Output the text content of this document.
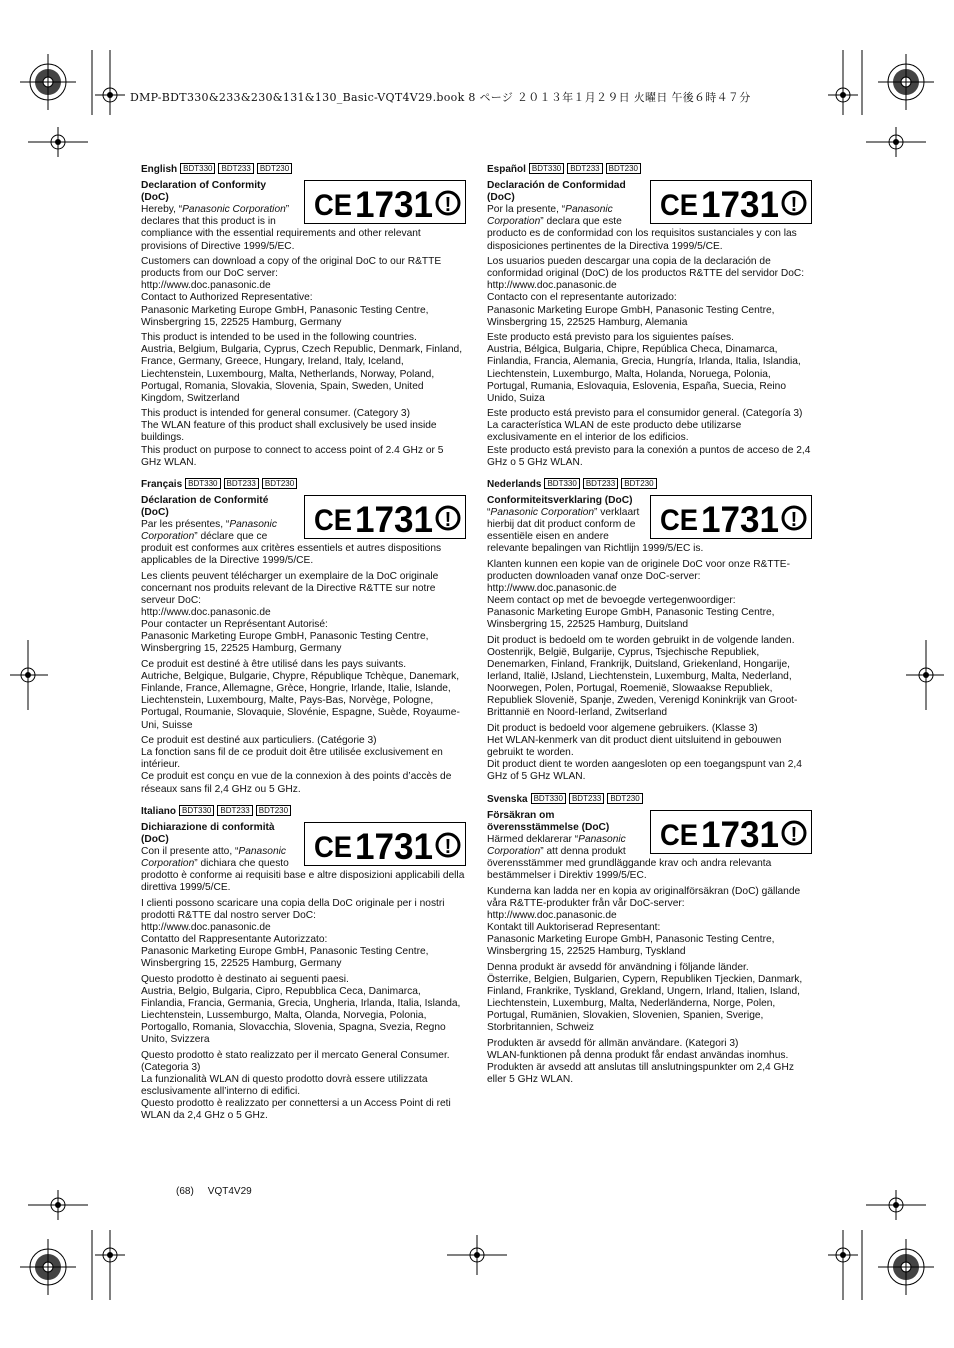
DMP-BDT330&233&230&131&130_Basic-VQT4V29.book 8 ページ ２０１３年１月２９日 火曜日 午後６時４７分
English BDT330 BDT233 BDT230
CE 1731 !

Declaration of Conformity (DoC)
Hereby, “Panasonic Corporation” declares that this product is in compliance with the essential requirements and other relevant provisions of Directive 1999/5/EC.

Customers can download a copy of the original DoC to our R&TTE products from our DoC server:
http://www.doc.panasonic.de
Contact to Authorized Representative:
Panasonic Marketing Europe GmbH, Panasonic Testing Centre, Winsbergring 15, 22525 Hamburg, Germany

This product is intended to be used in the following countries.
Austria, Belgium, Bulgaria, Cyprus, Czech Republic, Denmark, Finland, France, Germany, Greece, Hungary, Ireland, Italy, Iceland, Liechtenstein, Luxembourg, Malta, Netherlands, Norway, Poland, Portugal, Romania, Slovakia, Slovenia, Spain, Sweden, United Kingdom, Switzerland

This product is intended for general consumer. (Category 3)
The WLAN feature of this product shall exclusively be used inside buildings.
This product on purpose to connect to access point of 2.4 GHz or 5 GHz WLAN.

Français BDT330 BDT233 BDT230
CE 1731 !

Déclaration de Conformité (DoC)
Par les présentes, “Panasonic Corporation” déclare que ce produit est conformes aux critères essentiels et autres dispositions applicables de la Directive 1999/5/CE.

Les clients peuvent télécharger un exemplaire de la DoC originale concernant nos produits relevant de la Directive R&TTE sur notre serveur DoC:
http://www.doc.panasonic.de
Pour contacter un Représentant Autorisé:
Panasonic Marketing Europe GmbH, Panasonic Testing Centre, Winsbergring 15, 22525 Hamburg, Germany

Ce produit est destiné à être utilisé dans les pays suivants.
Autriche, Belgique, Bulgarie, Chypre, République Tchèque, Danemark, Finlande, France, Allemagne, Grèce, Hongrie, Irlande, Italie, Islande, Liechtenstein, Luxembourg, Malte, Pays-Bas, Norvège, Pologne, Portugal, Roumanie, Slovaquie, Slovénie, Espagne, Suède, Royaume-Uni, Suisse

Ce produit est destiné aux particuliers. (Catégorie 3)
La fonction sans fil de ce produit doit être utilisée exclusivement en intérieur.
Ce produit est conçu en vue de la connexion à des points d’accès de réseaux sans fil 2,4 GHz ou 5 GHz.

Italiano BDT330 BDT233 BDT230
CE 1731 !

Dichiarazione di conformità (DoC)
Con il presente atto, “Panasonic Corporation” dichiara che questo prodotto è conforme ai requisiti base e altre disposizioni applicabili della direttiva 1999/5/CE.

I clienti possono scaricare una copia della DoC originale per i nostri prodotti R&TTE dal nostro server DoC:
http://www.doc.panasonic.de
Contatto del Rappresentante Autorizzato:
Panasonic Marketing Europe GmbH, Panasonic Testing Centre, Winsbergring 15, 22525 Hamburg, Germany

Questo prodotto è destinato ai seguenti paesi.
Austria, Belgio, Bulgaria, Cipro, Repubblica Ceca, Danimarca, Finlandia, Francia, Germania, Grecia, Ungheria, Irlanda, Italia, Islanda, Liechtenstein, Lussemburgo, Malta, Olanda, Norvegia, Polonia, Portogallo, Romania, Slovacchia, Slovenia, Spagna, Svezia, Regno Unito, Svizzera

Questo prodotto è stato realizzato per il mercato General Consumer. (Categoria 3)
La funzionalità WLAN di questo prodotto dovrà essere utilizzata esclusivamente all’interno di edifici.
Questo prodotto è realizzato per connettersi a un Access Point di reti WLAN da 2,4 GHz o 5 GHz.

Español BDT330 BDT233 BDT230
CE 1731 !

Declaración de Conformidad (DoC)
Por la presente, “Panasonic Corporation” declara que este producto es de conformidad con los requisitos sustanciales y con las disposiciones pertinentes de la Directiva 1999/5/CE.

Los usuarios pueden descargar una copia de la declaración de conformidad original (DoC) de los productos R&TTE del servidor DoC:
http://www.doc.panasonic.de
Contacto con el representante autorizado:
Panasonic Marketing Europe GmbH, Panasonic Testing Centre, Winsbergring 15, 22525 Hamburg, Alemania

Este producto está previsto para los siguientes países.
Austria, Bélgica, Bulgaria, Chipre, República Checa, Dinamarca, Finlandia, Francia, Alemania, Grecia, Hungría, Irlanda, Italia, Islandia, Liechtenstein, Luxemburgo, Malta, Holanda, Noruega, Polonia, Portugal, Rumania, Eslovaquia, Eslovenia, España, Suecia, Reino Unido, Suiza

Este producto está previsto para el consumidor general. (Categoría 3)
La característica WLAN de este producto debe utilizarse exclusivamente en el interior de los edificios.
Este producto está previsto para la conexión a puntos de acceso de 2,4 GHz o 5 GHz WLAN.

Nederlands BDT330 BDT233 BDT230
CE 1731 !

Conformiteitsverklaring (DoC)
“Panasonic Corporation” verklaart hierbij dat dit product conform de essentiële eisen en andere relevante bepalingen van Richtlijn 1999/5/EC is.

Klanten kunnen een kopie van de originele DoC voor onze R&TTE-producten downloaden vanaf onze DoC-server:
http://www.doc.panasonic.de
Neem contact op met de bevoegde vertegenwoordiger:
Panasonic Marketing Europe GmbH, Panasonic Testing Centre, Winsbergring 15, 22525 Hamburg, Duitsland

Dit product is bedoeld om te worden gebruikt in de volgende landen.
Oostenrijk, België, Bulgarije, Cyprus, Tsjechische Republiek, Denemarken, Finland, Frankrijk, Duitsland, Griekenland, Hongarije, Ierland, Italië, IJsland, Liechtenstein, Luxemburg, Malta, Nederland, Noorwegen, Polen, Portugal, Roemenië, Slowaakse Republiek, Republiek Slovenië, Spanje, Zweden, Verenigd Koninkrijk van Groot-Brittannië en Noord-Ierland, Zwitserland

Dit product is bedoeld voor algemene gebruikers. (Klasse 3)
Het WLAN-kenmerk van dit product dient uitsluitend in gebouwen gebruikt te worden.
Dit product dient te worden aangesloten op een toegangspunt van 2,4 GHz of 5 GHz WLAN.

Svenska BDT330 BDT233 BDT230
CE 1731 !

Försäkran om överensstämmelse (DoC)
Härmed deklarerar “Panasonic Corporation” att denna produkt överensstämmer med grundläggande krav och andra relevanta bestämmelser i Direktiv 1999/5/EC.

Kunderna kan ladda ner en kopia av originalförsäkran (DoC) gällande våra R&TTE-produkter från vår DoC-server:
http://www.doc.panasonic.de
Kontakt till Auktoriserad Representant:
Panasonic Marketing Europe GmbH, Panasonic Testing Centre, Winsbergring 15, 22525 Hamburg, Tyskland

Denna produkt är avsedd för användning i följande länder.
Österrike, Belgien, Bulgarien, Cypern, Republiken Tjeckien, Danmark, Finland, Frankrike, Tyskland, Grekland, Ungern, Irland, Italien, Island, Liechtenstein, Luxemburg, Malta, Nederländerna, Norge, Polen, Portugal, Rumänien, Slovakien, Slovenien, Spanien, Sverige, Storbritannien, Schweiz

Produkten är avsedd för allmän användare. (Kategori 3)
WLAN-funktionen på denna produkt får endast användas inomhus.
Produkten är avsedd att anslutas till anslutningspunkter om 2,4 GHz eller 5 GHz WLAN.

(68) VQT4V29
